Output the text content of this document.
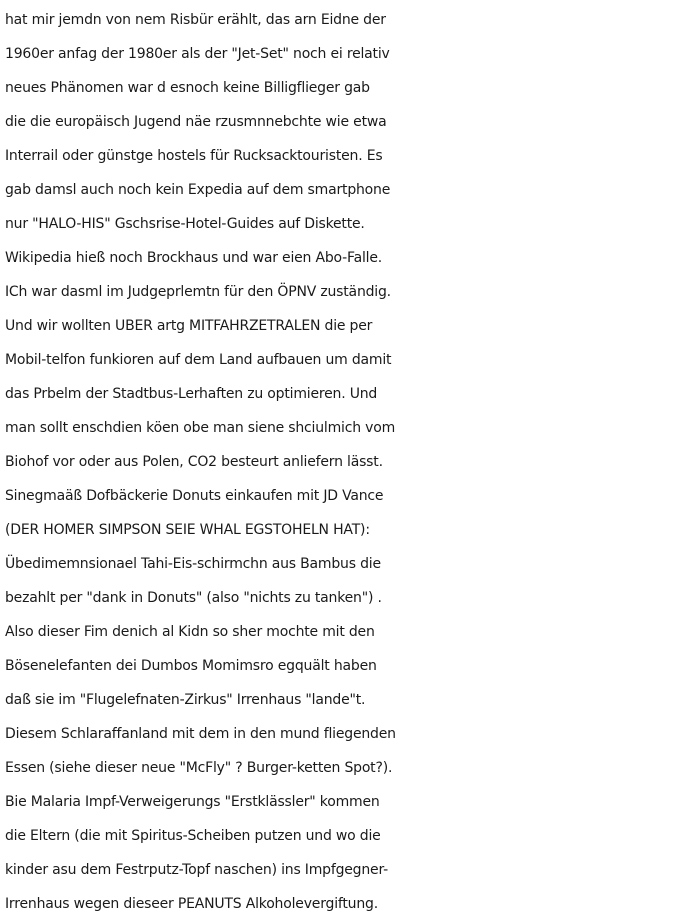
hat mir jemdn von nem Risbür erählt, das arn Eidne der
1960er anfag der 1980er als der "Jet-Set" noch ei relativ
neues Phänomen war d esnoch keine Billigflieger gab
die die europäisch Jugend näe rzusmnnebchte wie etwa
Interrail oder günstge hostels für Rucksacktouristen. Es
gab damsl auch noch kein Expedia auf dem smartphone
nur "HALO-HIS" Gschsrise-Hotel-Guides auf Diskette.
Wikipedia hieß noch Brockhaus und war eien Abo-Falle.
ICh war dasml im Judgeprlemtn für den ÖPNV zuständig.
Und wir wollten UBER artg MITFAHRZETRALEN die per
Mobil-telfon funkioren auf dem Land aufbauen um damit
das Prbelm der Stadtbus-Lerhaften zu optimieren. Und
man sollt enschdien köen obe man siene shciulmich vom
Biohof vor oder aus Polen, CO2 besteurt anliefern lässt.
Sinegmaäß Dofbäckerie Donuts einkaufen mit JD Vance
(DER HOMER SIMPSON SEIE WHAL EGSTOHELN HAT):
Übedimemnsionael Tahi-Eis-schirmchn aus Bambus die
bezahlt per "dank in Donuts" (also "nichts zu tanken") .
Also dieser Fim denich al Kidn so sher mochte mit den
Bösenelefanten dei Dumbos Momimsro egquält haben
daß sie im "Flugelefnaten-Zirkus" Irrenhaus "lande"t.
Diesem Schlaraffanland mit dem in den mund fliegenden
Essen (siehe dieser neue "McFly" ? Burger-ketten Spot?).
Bie Malaria Impf-Verweigerungs "Erstklässler" kommen
die Eltern (die mit Spiritus-Scheiben putzen und wo die
kinder asu dem Festrputz-Topf naschen) ins Impfgegner-
Irrenhaus wegen dieseer PEANUTS Alkoholevergiftung.
